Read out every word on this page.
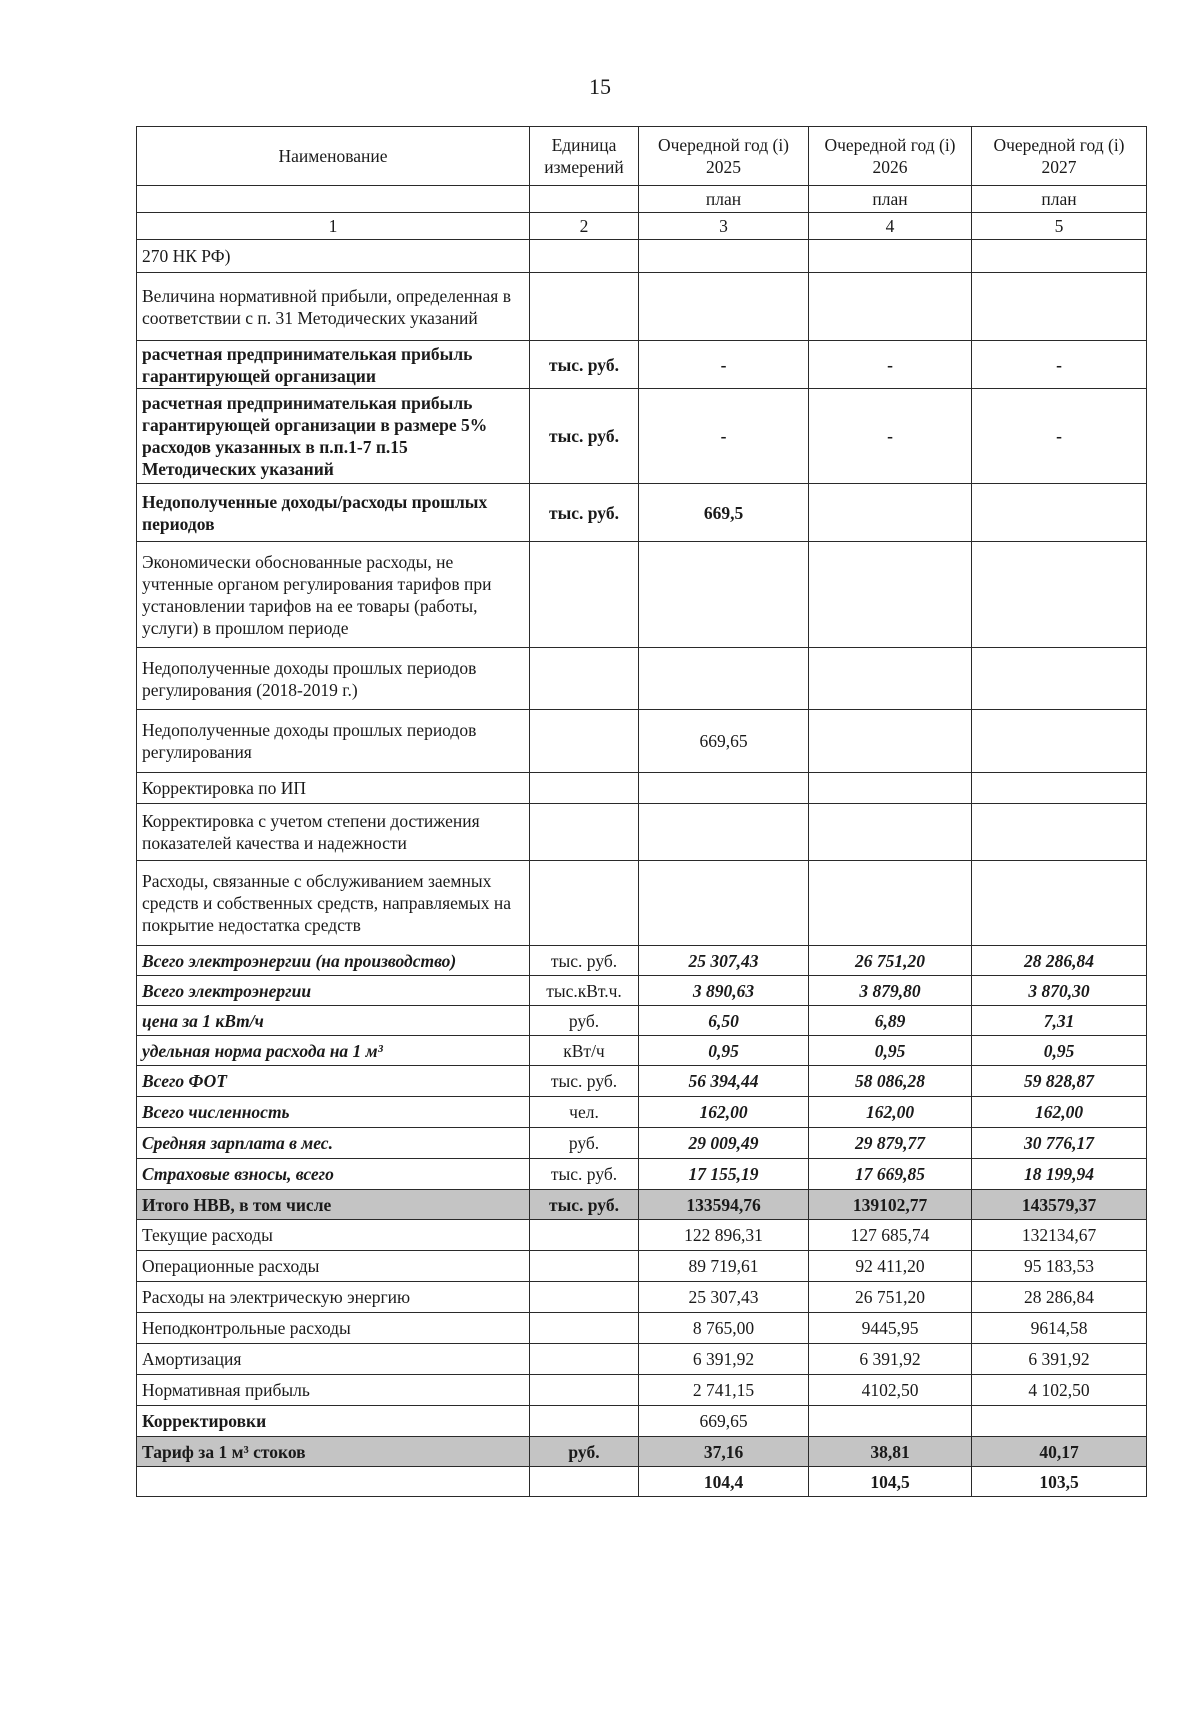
15
Наименование	Единица измерений	Очередной год (i) 2025	Очередной год (i) 2026	Очередной год (i) 2027
		план	план	план
1	2	3	4	5
270 НК РФ)				
Величина нормативной прибыли, определенная в соответствии с п. 31 Методических указаний				
расчетная предпринимателькая прибыль гарантирующей организации	тыс. руб.	-	-	-
расчетная предпринимателькая прибыль гарантирующей организации в размере 5% расходов указанных в п.п.1-7 п.15 Методических указаний	тыс. руб.	-	-	-
Недополученные доходы/расходы прошлых периодов	тыс. руб.	669,5		
Экономически обоснованные расходы, не учтенные органом регулирования тарифов при установлении тарифов на ее товары (работы, услуги) в прошлом периоде				
Недополученные доходы прошлых периодов регулирования (2018-2019 г.)				
Недополученные доходы прошлых периодов регулирования		669,65		
Корректировка по ИП				
Корректировка с учетом степени достижения показателей качества и надежности				
Расходы, связанные с обслуживанием заемных средств и собственных средств, направляемых на покрытие недостатка средств				
Всего электроэнергии (на производство)	тыс. руб.	25 307,43	26 751,20	28 286,84
Всего электроэнергии	тыс.кВт.ч.	3 890,63	3 879,80	3 870,30
цена за 1 кВт/ч	руб.	6,50	6,89	7,31
удельная норма расхода на 1 м³	кВт/ч	0,95	0,95	0,95
Всего ФОТ	тыс. руб.	56 394,44	58 086,28	59 828,87
Всего численность	чел.	162,00	162,00	162,00
Средняя зарплата в мес.	руб.	29 009,49	29 879,77	30 776,17
Страховые взносы, всего	тыс. руб.	17 155,19	17 669,85	18 199,94
Итого НВВ, в том числе	тыс. руб.	133594,76	139102,77	143579,37
Текущие расходы		122 896,31	127 685,74	132134,67
Операционные расходы		89 719,61	92 411,20	95 183,53
Расходы на электрическую энергию		25 307,43	26 751,20	28 286,84
Неподконтрольные расходы		8 765,00	9445,95	9614,58
Амортизация		6 391,92	6 391,92	6 391,92
Нормативная прибыль		2 741,15	4102,50	4 102,50
Корректировки		669,65		
Тариф за 1 м³ стоков	руб.	37,16	38,81	40,17
		104,4	104,5	103,5
